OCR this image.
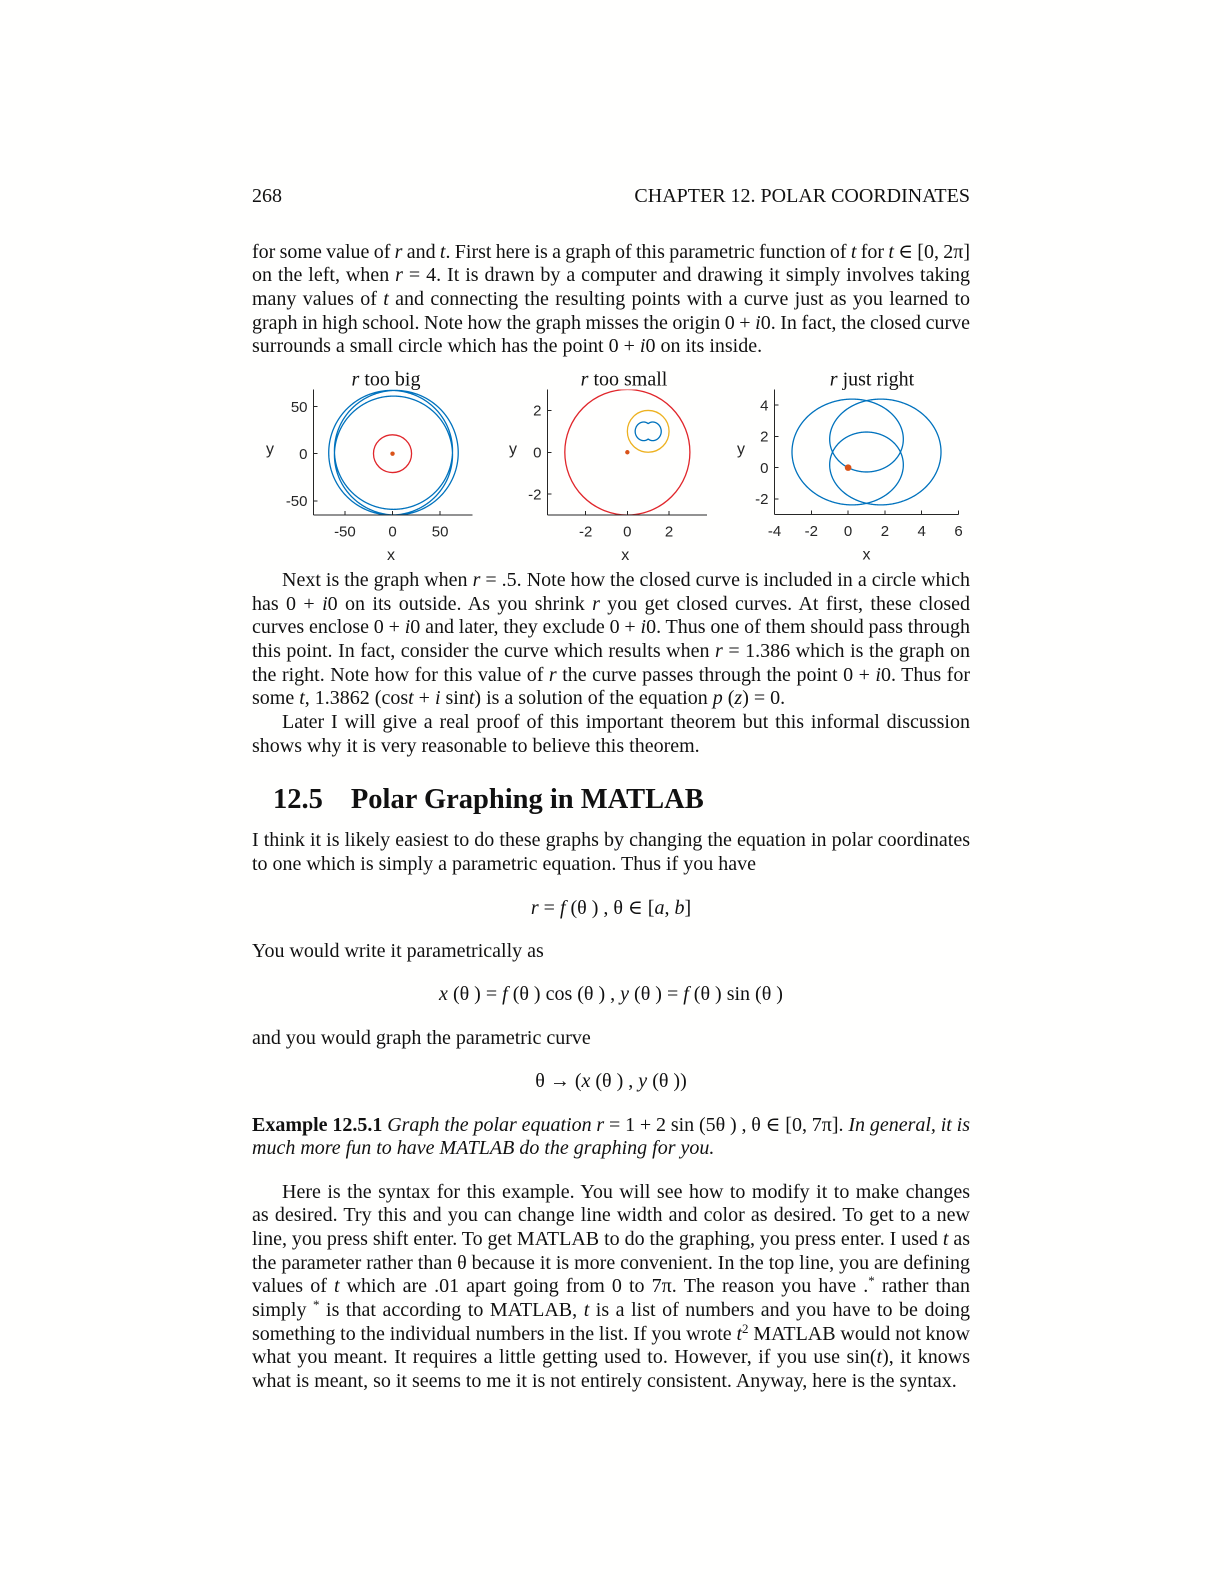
268	CHAPTER 12. POLAR COORDINATES
for some value of r and t. First here is a graph of this parametric function of t for t ∈ [0, 2π]
on the left, when r = 4. It is drawn by a computer and drawing it simply involves taking
many values of t and connecting the resulting points with a curve just as you learned to
graph in high school. Note how the graph misses the origin 0 + i0. In fact, the closed curve
surrounds a small circle which has the point 0 + i0 on its inside.
-50 0 50
-50
0
50
x
y
r too big
-2 0 2
-2
0
2
x
y
r too small
-4 -2 0 2 4 6
-2
0
2
4
x
y
r just right
Next is the graph when r = .5. Note how the closed curve is included in a circle which
has 0 + i0 on its outside. As you shrink r you get closed curves. At first, these closed
curves enclose 0 + i0 and later, they exclude 0 + i0. Thus one of them should pass through
this point. In fact, consider the curve which results when r = 1.386 which is the graph on
the right. Note how for this value of r the curve passes through the point 0 + i0. Thus for
some t, 1.3862 (cost + i sint) is a solution of the equation p (z) = 0.
Later I will give a real proof of this important theorem but this informal discussion
shows why it is very reasonable to believe this theorem.
12.5 Polar Graphing in MATLAB
I think it is likely easiest to do these graphs by changing the equation in polar coordinates
to one which is simply a parametric equation. Thus if you have
r = f (θ ) , θ ∈ [a, b]
You would write it parametrically as
x (θ ) = f (θ ) cos (θ ) , y (θ ) = f (θ ) sin (θ )
and you would graph the parametric curve
θ → (x (θ ) , y (θ ))
Example 12.5.1 Graph the polar equation r = 1 + 2 sin (5θ ) , θ ∈ [0, 7π]. In general, it is
much more fun to have MATLAB do the graphing for you.
Here is the syntax for this example. You will see how to modify it to make changes
as desired. Try this and you can change line width and color as desired. To get to a new
line, you press shift enter. To get MATLAB to do the graphing, you press enter. I used t as
the parameter rather than θ because it is more convenient. In the top line, you are defining
values of t which are .01 apart going from 0 to 7π. The reason you have .* rather than
simply * is that according to MATLAB, t is a list of numbers and you have to be doing
something to the individual numbers in the list. If you wrote $t^2$ MATLAB would not know
what you meant. It requires a little getting used to. However, if you use sin(t), it knows
what is meant, so it seems to me it is not entirely consistent. Anyway, here is the syntax.
